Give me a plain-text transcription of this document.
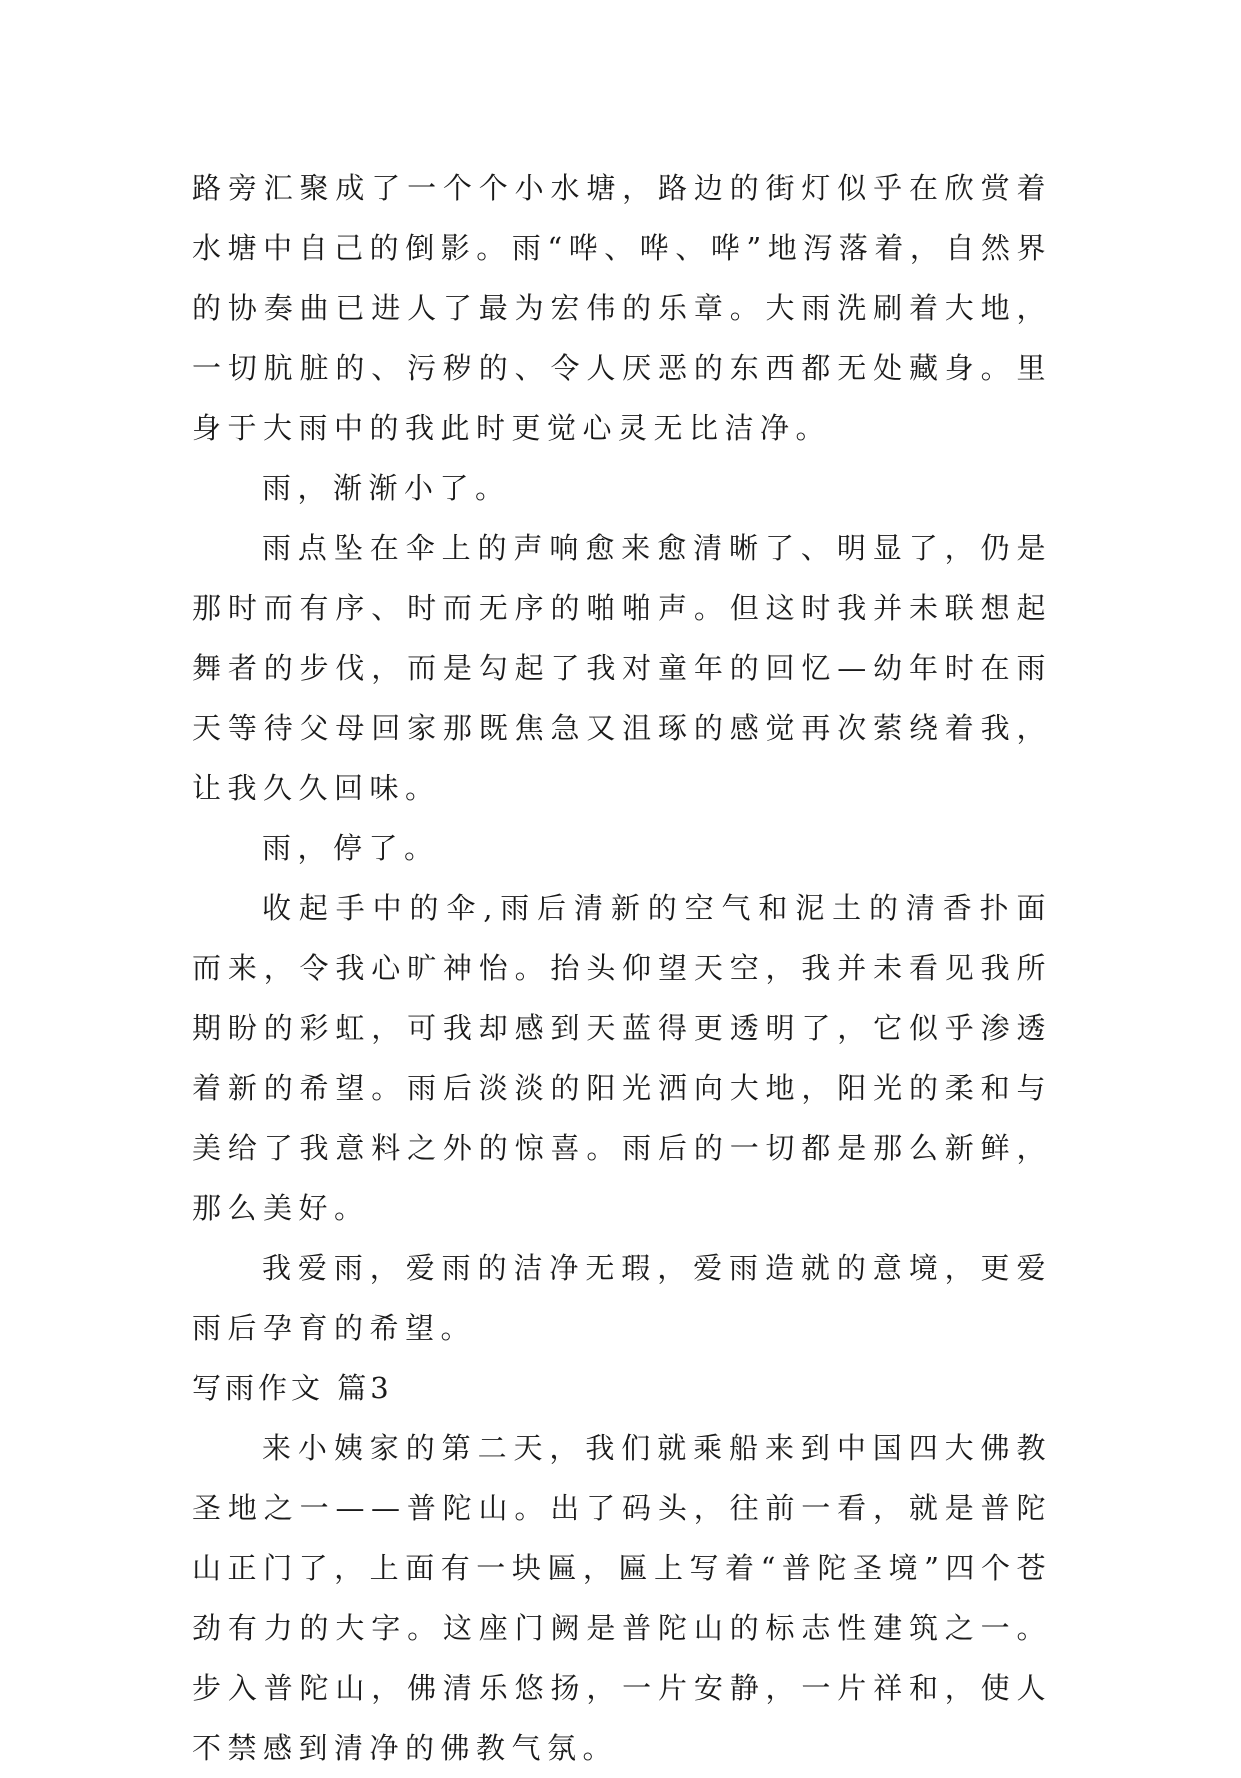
路旁汇聚成了一个个小水塘，路边的街灯似乎在欣赏着水塘中自己的倒影。雨“哗、哗、哗”地泻落着，自然界的协奏曲已进人了最为宏伟的乐章。大雨洗刷着大地，一切肮脏的、污秽的、令人厌恶的东西都无处藏身。里身于大雨中的我此时更觉心灵无比洁净。

雨，渐渐小了。

雨点坠在伞上的声响愈来愈清晰了、明显了，仍是那时而有序、时而无序的啪啪声。但这时我并未联想起舞者的步伐，而是勾起了我对童年的回忆—幼年时在雨天等待父母回家那既焦急又沮琢的感觉再次萦绕着我，让我久久回味。

雨，停了。

收起手中的伞,雨后清新的空气和泥土的清香扑面而来，令我心旷神怡。抬头仰望天空，我并未看见我所期盼的彩虹，可我却感到天蓝得更透明了，它似乎渗透着新的希望。雨后淡淡的阳光洒向大地，阳光的柔和与美给了我意料之外的惊喜。雨后的一切都是那么新鲜，那么美好。

我爱雨，爱雨的洁净无瑕，爱雨造就的意境，更爱雨后孕育的希望。

写雨作文 篇3

来小姨家的第二天，我们就乘船来到中国四大佛教圣地之一——普陀山。出了码头，往前一看，就是普陀山正门了，上面有一块匾，匾上写着“普陀圣境”四个苍劲有力的大字。这座门阙是普陀山的标志性建筑之一。步入普陀山，佛清乐悠扬，一片安静，一片祥和，使人不禁感到清净的佛教气氛。
